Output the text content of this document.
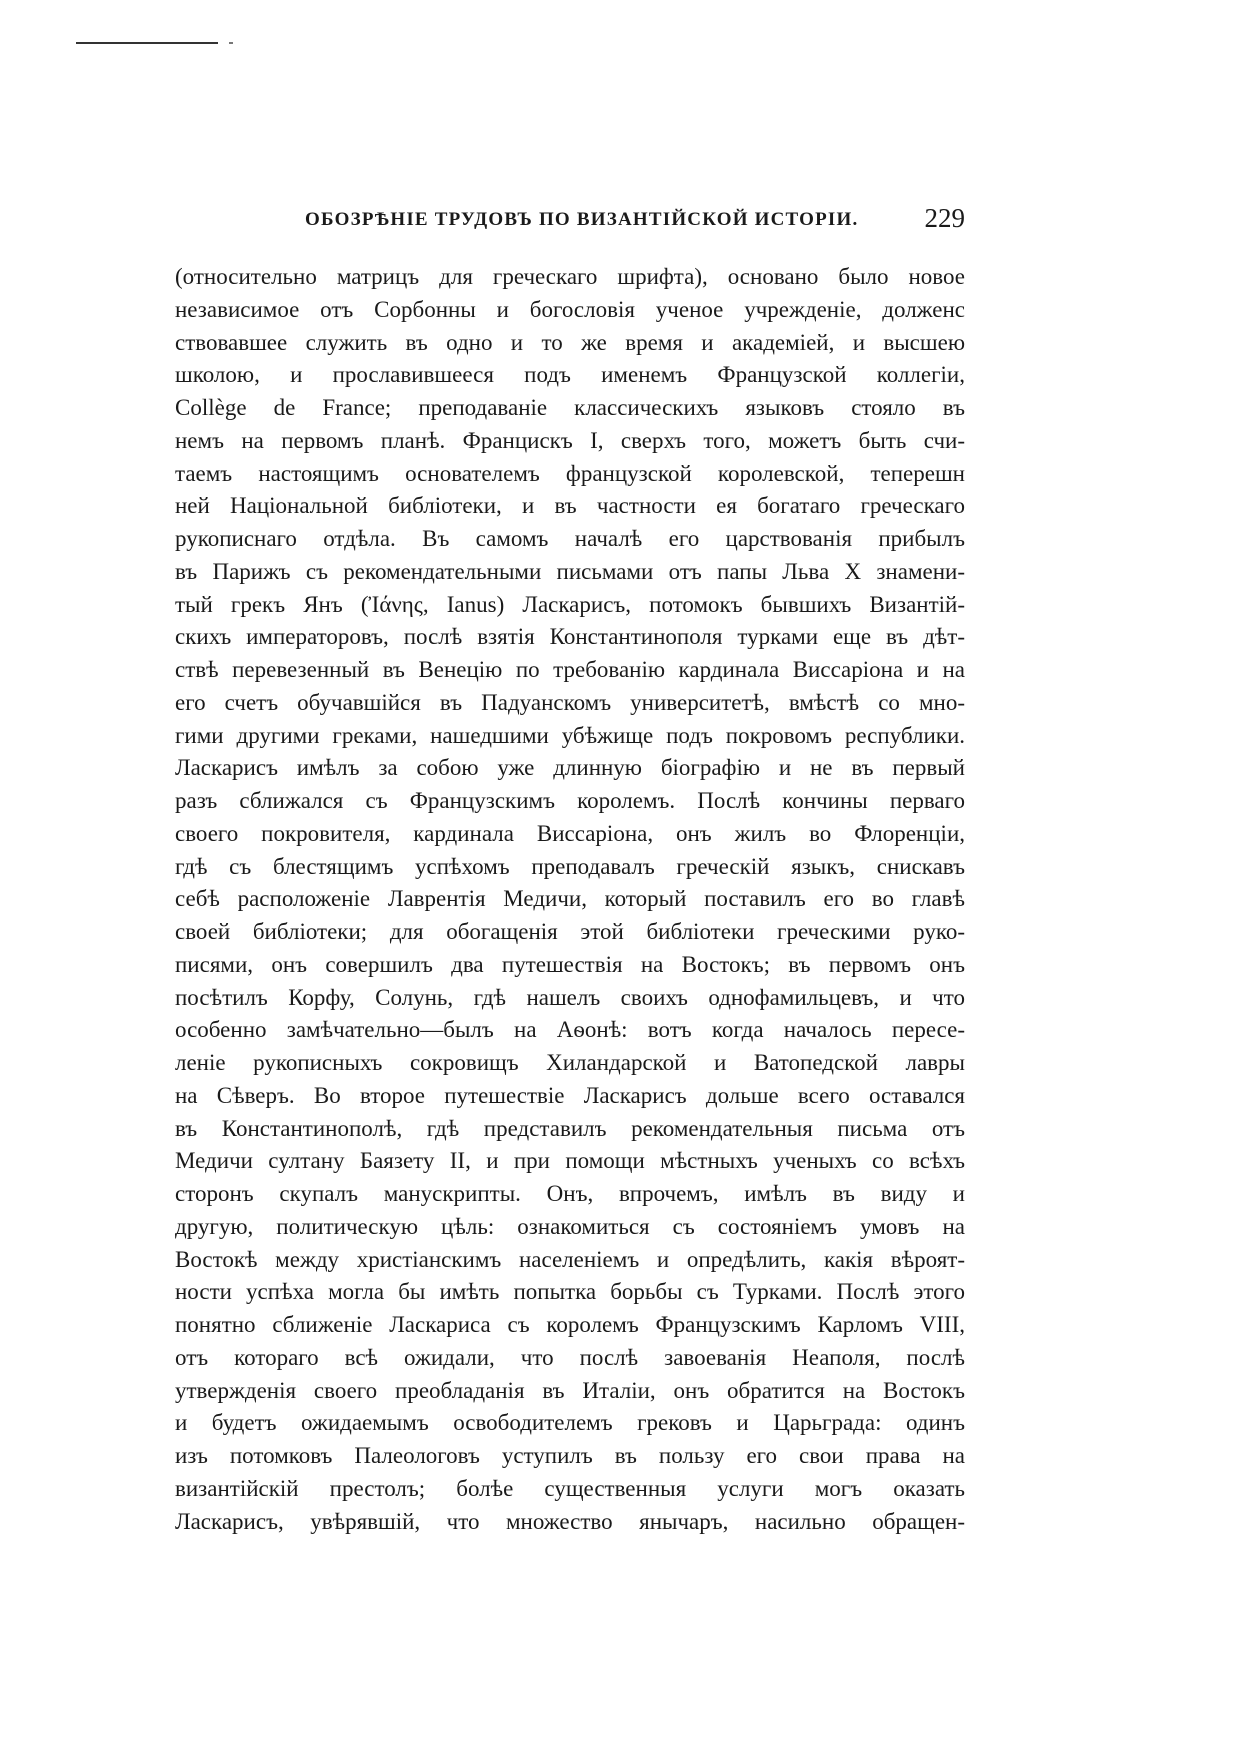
ОБОЗРѢНІЕ ТРУДОВЪ ПО ВИЗАНТІЙСКОЙ ИСТОРІИ. 229
(относительно матрицъ для греческаго шрифта), основано было новое
независимое отъ Сорбонны и богословія ученое учрежденіе, долженс
ствовавшее служить въ одно и то же время и академіей, и высшею
школою, и прославившееся подъ именемъ Французской коллегіи,
Collège de France; преподаваніе классическихъ языковъ стояло въ
немъ на первомъ планѣ. Францискъ I, сверхъ того, можетъ быть счи-
таемъ настоящимъ основателемъ французской королевской, теперешн
ней Національной библіотеки, и въ частности ея богатаго греческаго
рукописнаго отдѣла. Въ самомъ началѣ его царствованія прибылъ
въ Парижъ съ рекомендательными письмами отъ папы Льва X знамени-
тый грекъ Янъ (Ἰάνης, Ianus) Ласкарисъ, потомокъ бывшихъ Византій-
скихъ императоровъ, послѣ взятія Константинополя турками еще въ дѣт-
ствѣ перевезенный въ Венецію по требованію кардинала Виссаріона и на
его счетъ обучавшійся въ Падуанскомъ университетѣ, вмѣстѣ со мно-
гими другими греками, нашедшими убѣжище подъ покровомъ республики.
Ласкарисъ имѣлъ за собою уже длинную біографію и не въ первый
разъ сближался съ Французскимъ королемъ. Послѣ кончины перваго
своего покровителя, кардинала Виссаріона, онъ жилъ во Флоренціи,
гдѣ съ блестящимъ успѣхомъ преподавалъ греческій языкъ, снискавъ
себѣ расположеніе Лаврентія Медичи, который поставилъ его во главѣ
своей библіотеки; для обогащенія этой библіотеки греческими руко-
писями, онъ совершилъ два путешествія на Востокъ; въ первомъ онъ
посѣтилъ Корфу, Солунь, гдѣ нашелъ своихъ однофамильцевъ, и что
особенно замѣчательно—былъ на Аѳонѣ: вотъ когда началось пересе-
леніе рукописныхъ сокровищъ Хиландарской и Ватопедской лавры
на Сѣверъ. Во второе путешествіе Ласкарисъ дольше всего оставался
въ Константинополѣ, гдѣ представилъ рекомендательныя письма отъ
Медичи султану Баязету II, и при помощи мѣстныхъ ученыхъ со всѣхъ
сторонъ скупалъ манускрипты. Онъ, впрочемъ, имѣлъ въ виду и
другую, политическую цѣль: ознакомиться съ состояніемъ умовъ на
Востокѣ между христіанскимъ населеніемъ и опредѣлить, какія вѣроят-
ности успѣха могла бы имѣть попытка борьбы съ Турками. Послѣ этого
понятно сближеніе Ласкариса съ королемъ Французскимъ Карломъ VIII,
отъ котораго всѣ ожидали, что послѣ завоеванія Неаполя, послѣ
утвержденія своего преобладанія въ Италіи, онъ обратится на Востокъ
и будетъ ожидаемымъ освободителемъ грековъ и Царьграда: одинъ
изъ потомковъ Палеологовъ уступилъ въ пользу его свои права на
византійскій престолъ; болѣе существенныя услуги могъ оказать
Ласкарисъ, увѣрявшій, что множество янычаръ, насильно обращен-
